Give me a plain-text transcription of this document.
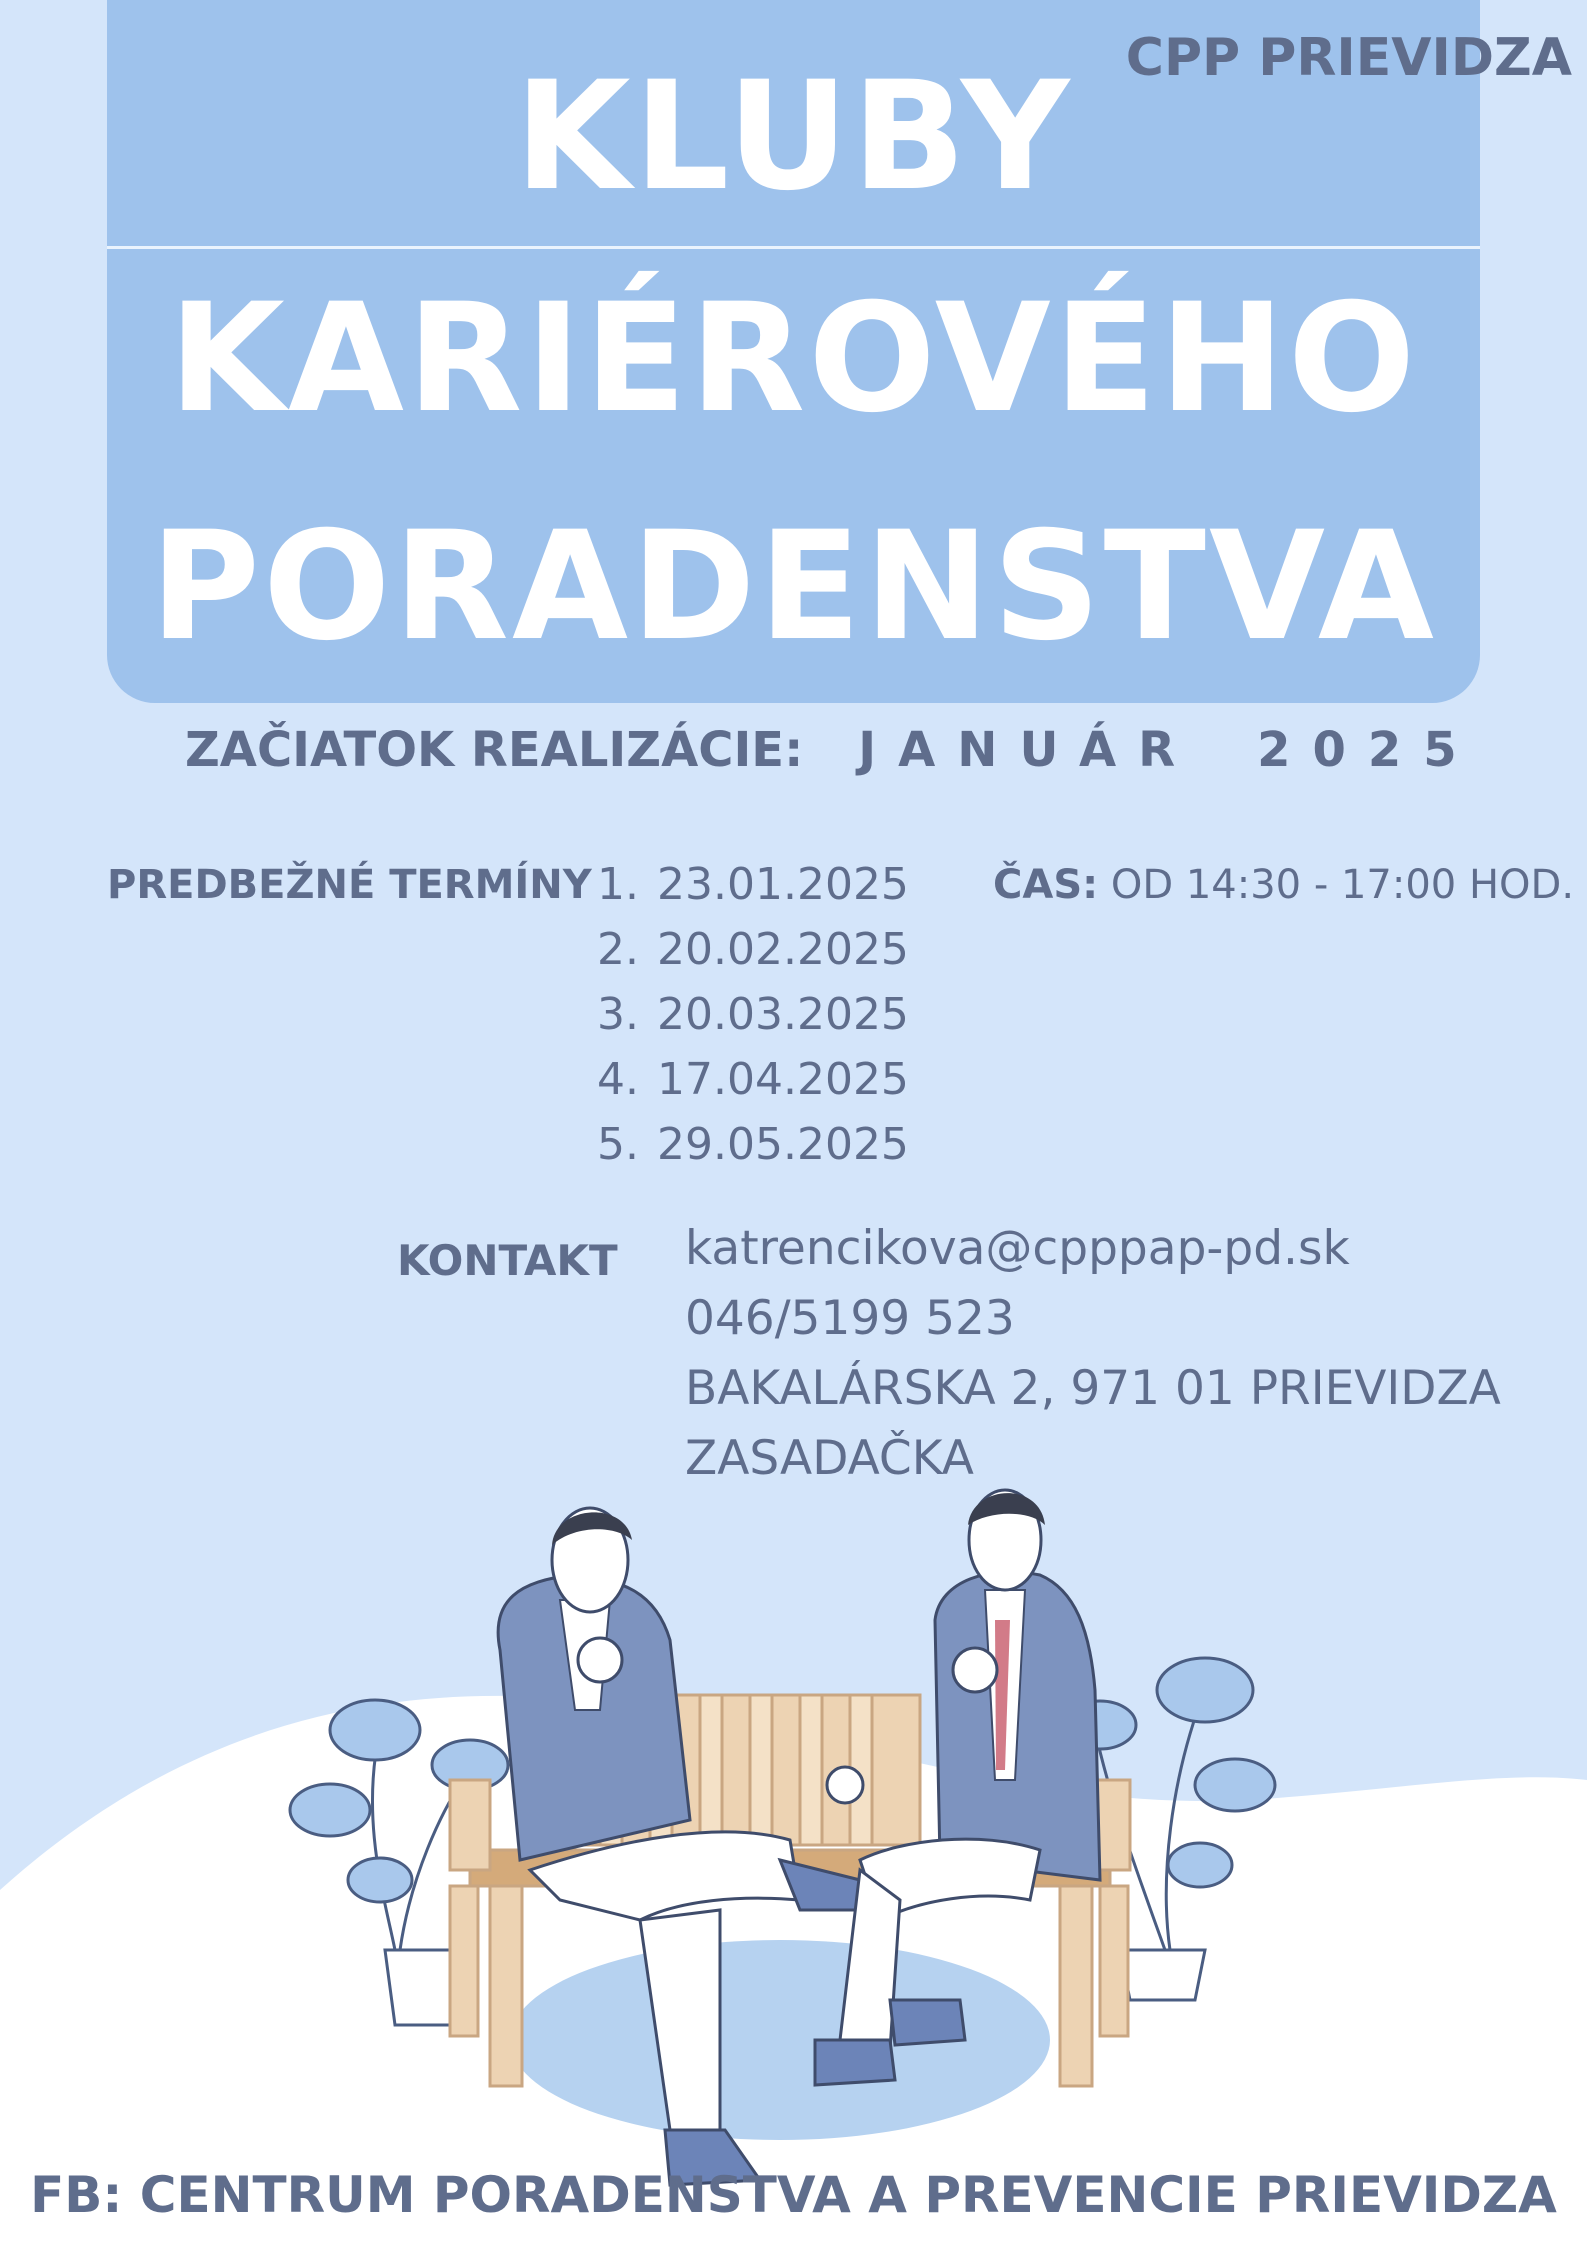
KLUBY
KARIÉROVÉHO
PORADENSTVA
CPP PRIEVIDZA
ZAČIATOK REALIZÁCIE: JANUÁR 2025
PREDBEŽNÉ TERMÍNY 1. 23.01.2025
2. 20.02.2025
3. 20.03.2025
4. 17.04.2025
5. 29.05.2025
ČAS: OD 14:30 - 17:00 HOD.
KONTAKT katrencikova@cpppap-pd.sk
046/5199 523
BAKALÁRSKA 2, 971 01 PRIEVIDZA
ZASADAČKA
FB: CENTRUM PORADENSTVA A PREVENCIE PRIEVIDZA
